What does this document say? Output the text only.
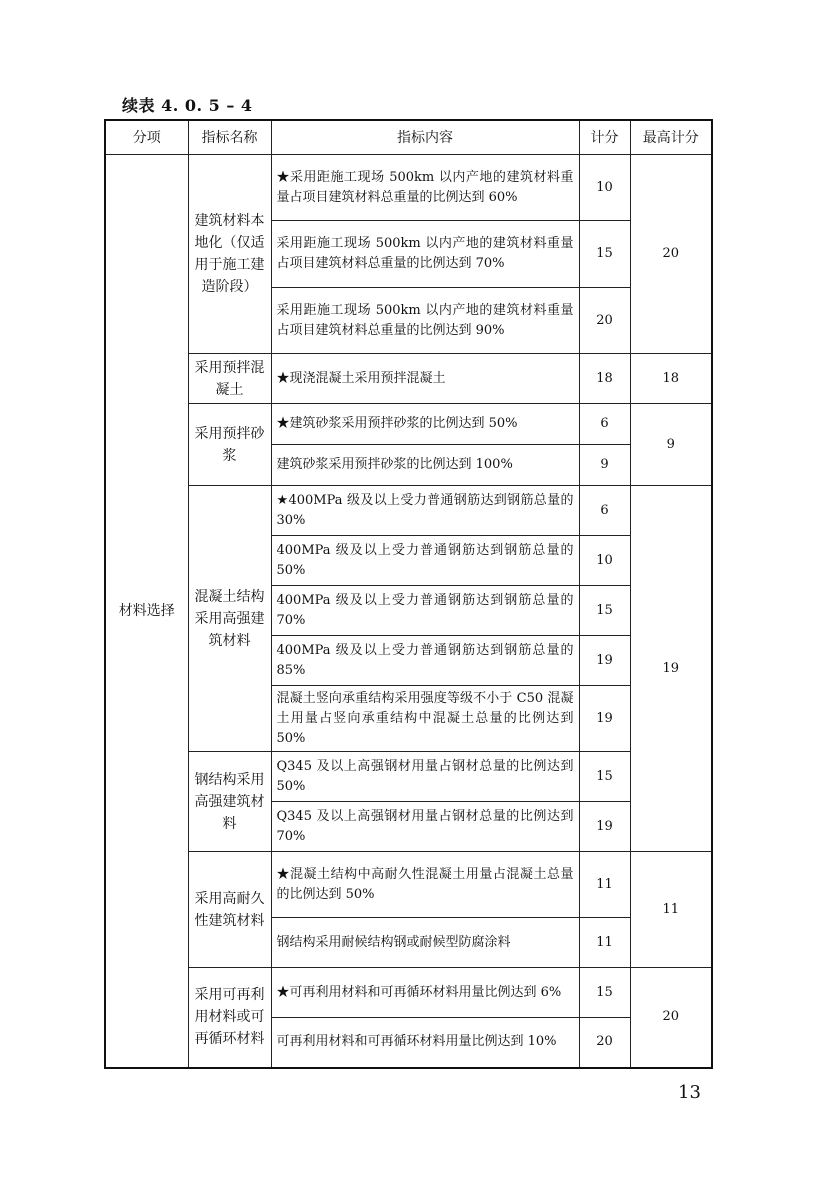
续表 4. 0. 5 – 4
分项	指标名称	指标内容	计分	最高计分
材料选择	建筑材料本地化（仅适用于施工建造阶段）	★采用距施工现场 500km 以内产地的建筑材料重量占项目建筑材料总重量的比例达到 60%	10	20
		采用距施工现场 500km 以内产地的建筑材料重量占项目建筑材料总重量的比例达到 70%	15	
		采用距施工现场 500km 以内产地的建筑材料重量占项目建筑材料总重量的比例达到 90%	20	
	采用预拌混凝土	★现浇混凝土采用预拌混凝土	18	18
	采用预拌砂浆	★建筑砂浆采用预拌砂浆的比例达到 50%	6	9
		建筑砂浆采用预拌砂浆的比例达到 100%	9	
	混凝土结构采用高强建筑材料	★400MPa 级及以上受力普通钢筋达到钢筋总量的 30%	6	19
		400MPa 级及以上受力普通钢筋达到钢筋总量的 50%	10	
		400MPa 级及以上受力普通钢筋达到钢筋总量的 70%	15	
		400MPa 级及以上受力普通钢筋达到钢筋总量的 85%	19	
		混凝土竖向承重结构采用强度等级不小于 C50 混凝土用量占竖向承重结构中混凝土总量的比例达到 50%	19	
	钢结构采用高强建筑材料	Q345 及以上高强钢材用量占钢材总量的比例达到 50%	15	
		Q345 及以上高强钢材用量占钢材总量的比例达到 70%	19	
	采用高耐久性建筑材料	★混凝土结构中高耐久性混凝土用量占混凝土总量的比例达到 50%	11	11
		钢结构采用耐候结构钢或耐候型防腐涂料	11	
	采用可再利用材料或可再循环材料	★可再利用材料和可再循环材料用量比例达到 6%	15	20
		可再利用材料和可再循环材料用量比例达到 10%	20	
13
